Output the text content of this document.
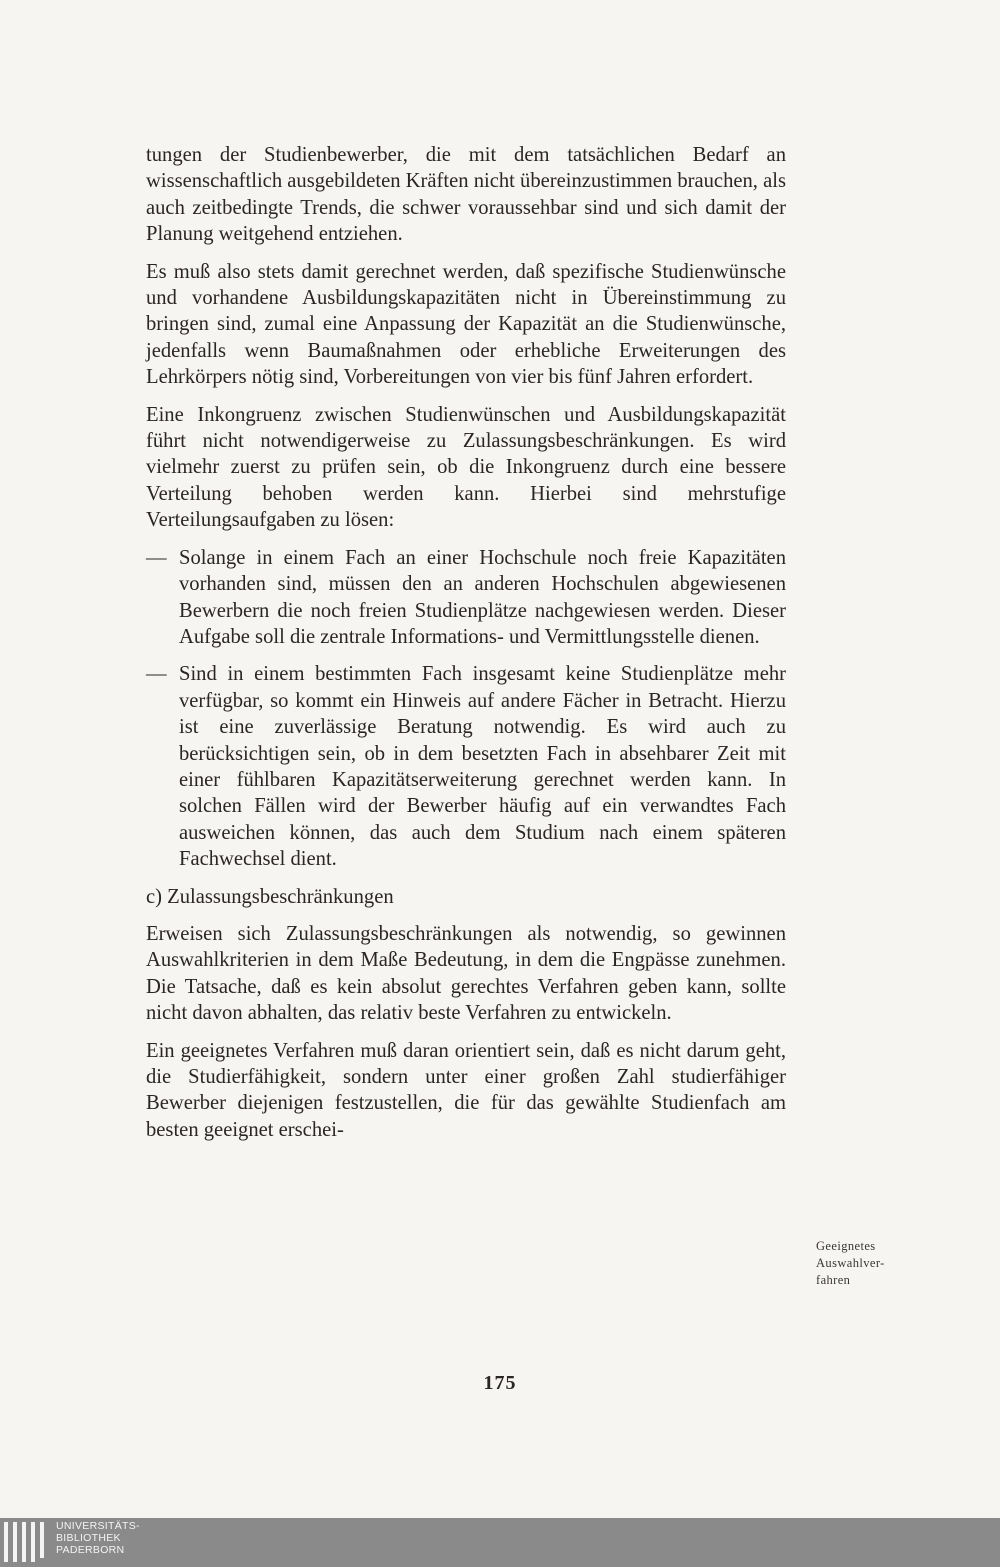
tungen der Studienbewerber, die mit dem tatsächlichen Bedarf an wissenschaftlich ausgebildeten Kräften nicht übereinzustimmen brauchen, als auch zeitbedingte Trends, die schwer voraussehbar sind und sich damit der Planung weitgehend entziehen.

Es muß also stets damit gerechnet werden, daß spezifische Studienwünsche und vorhandene Ausbildungskapazitäten nicht in Übereinstimmung zu bringen sind, zumal eine Anpassung der Kapazität an die Studienwünsche, jedenfalls wenn Baumaßnahmen oder erhebliche Erweiterungen des Lehrkörpers nötig sind, Vorbereitungen von vier bis fünf Jahren erfordert.

Eine Inkongruenz zwischen Studienwünschen und Ausbildungskapazität führt nicht notwendigerweise zu Zulassungsbeschränkungen. Es wird vielmehr zuerst zu prüfen sein, ob die Inkongruenz durch eine bessere Verteilung behoben werden kann. Hierbei sind mehrstufige Verteilungsaufgaben zu lösen:

— Solange in einem Fach an einer Hochschule noch freie Kapazitäten vorhanden sind, müssen den an anderen Hochschulen abgewiesenen Bewerbern die noch freien Studienplätze nachgewiesen werden. Dieser Aufgabe soll die zentrale Informations- und Vermittlungsstelle dienen.
— Sind in einem bestimmten Fach insgesamt keine Studienplätze mehr verfügbar, so kommt ein Hinweis auf andere Fächer in Betracht. Hierzu ist eine zuverlässige Beratung notwendig. Es wird auch zu berücksichtigen sein, ob in dem besetzten Fach in absehbarer Zeit mit einer fühlbaren Kapazitätserweiterung gerechnet werden kann. In solchen Fällen wird der Bewerber häufig auf ein verwandtes Fach ausweichen können, das auch dem Studium nach einem späteren Fachwechsel dient.

c) Zulassungsbeschränkungen

Erweisen sich Zulassungsbeschränkungen als notwendig, so gewinnen Auswahlkriterien in dem Maße Bedeutung, in dem die Engpässe zunehmen. Die Tatsache, daß es kein absolut gerechtes Verfahren geben kann, sollte nicht davon abhalten, das relativ beste Verfahren zu entwickeln.

Ein geeignetes Verfahren muß daran orientiert sein, daß es nicht darum geht, die Studierfähigkeit, sondern unter einer großen Zahl studierfähiger Bewerber diejenigen festzustellen, die für das gewählte Studienfach am besten geeignet erschei-

Geeignetes
Auswahlver-
fahren
175
UNIVERSITÄTS-
BIBLIOTHEK
PADERBORN
